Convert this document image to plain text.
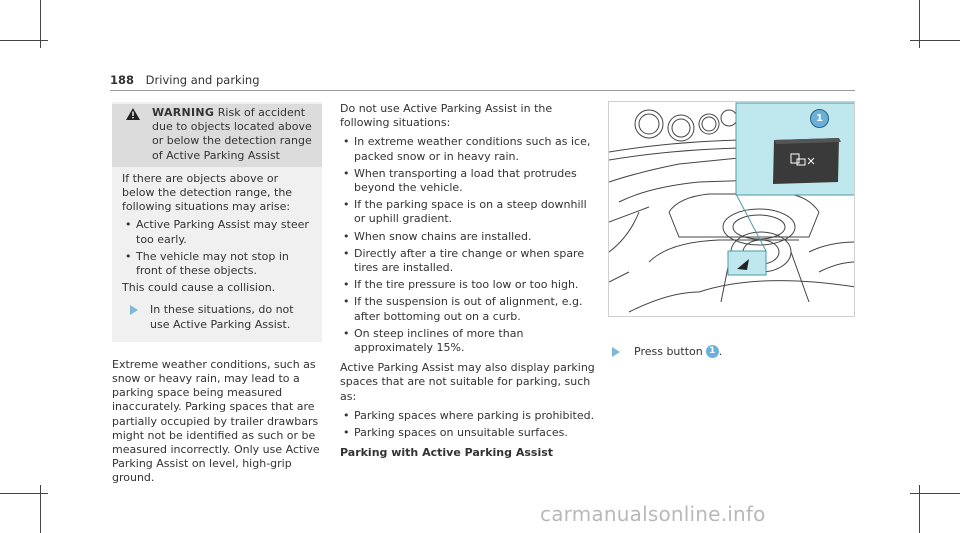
188 Driving and parking
WARNING Risk of accident due to objects located above or below the detection range of Active Parking Assist

If there are objects above or below the detection range, the following situations may arise:

• Active Parking Assist may steer too early.
• The vehicle may not stop in front of these objects.

This could cause a collision.

In these situations, do not use Active Parking Assist.

Extreme weather conditions, such as snow or heavy rain, may lead to a parking space being measured inaccurately. Parking spaces that are partially occupied by trailer drawbars might not be identified as such or be measured incorrectly. Only use Active Parking Assist on level, high-grip ground.

Do not use Active Parking Assist in the following situations:

• In extreme weather conditions such as ice, packed snow or in heavy rain.
• When transporting a load that protrudes beyond the vehicle.
• If the parking space is on a steep downhill or uphill gradient.
• When snow chains are installed.
• Directly after a tire change or when spare tires are installed.
• If the tire pressure is too low or too high.
• If the suspension is out of alignment, e.g. after bottoming out on a curb.
• On steep inclines of more than approximately 15%.

Active Parking Assist may also display parking spaces that are not suitable for parking, such as:

• Parking spaces where parking is prohibited.
• Parking spaces on unsuitable surfaces.
Parking with Active Parking Assist
1
Press button 1 .
carmanualsonline.info
